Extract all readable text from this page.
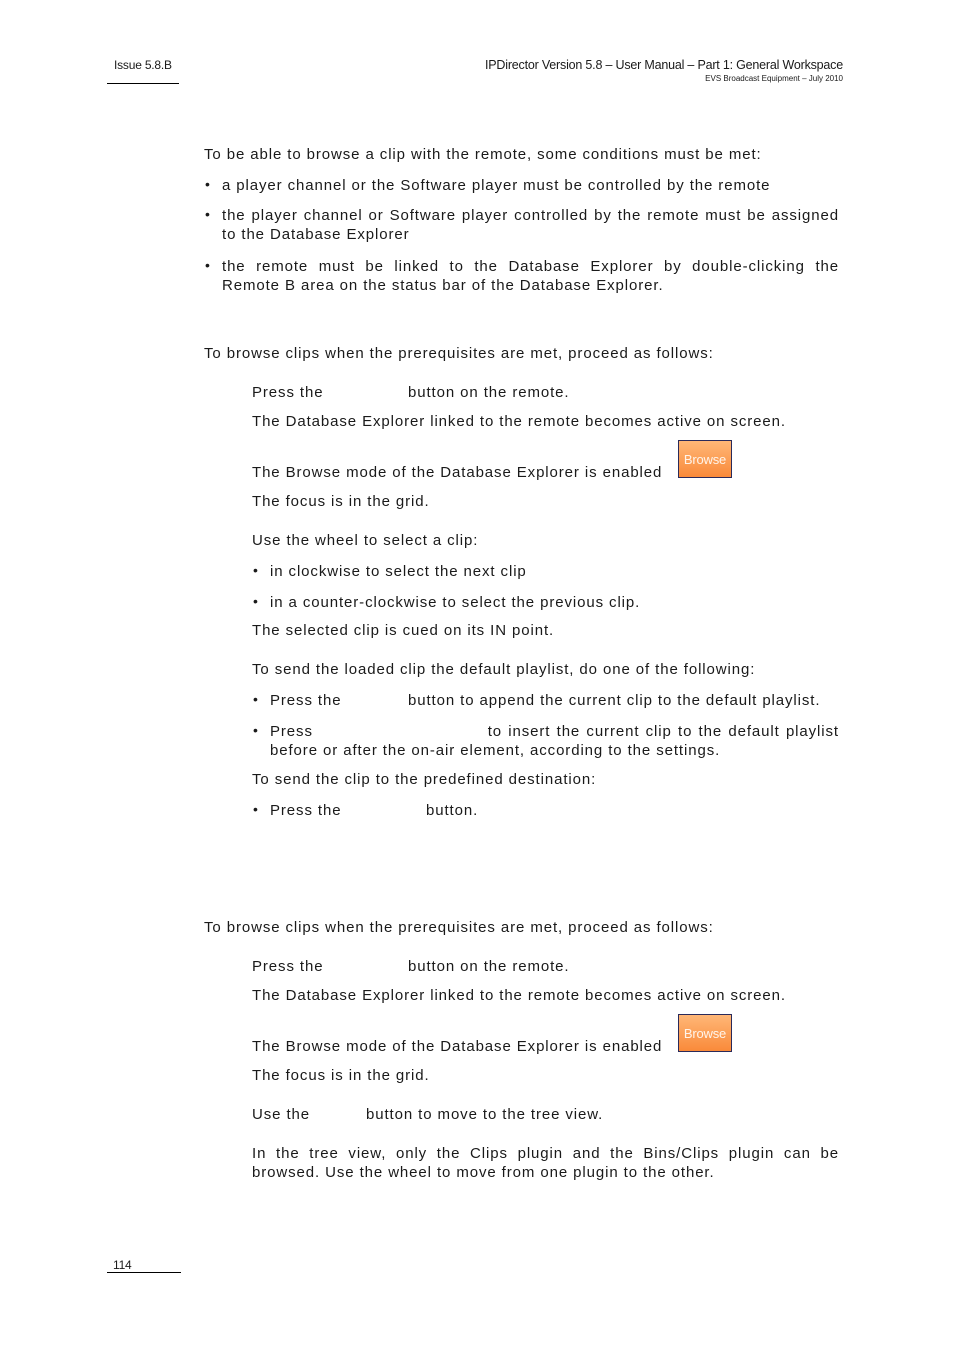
Issue 5.8.B	IPDirector Version 5.8 – User Manual – Part 1: General Workspace
EVS Broadcast Equipment – July 2010
To be able to browse a clip with the remote, some conditions must be met:
• a player channel or the Software player must be controlled by the remote
• the player channel or Software player controlled by the remote must be assigned to the Database Explorer
• the remote must be linked to the Database Explorer by double-clicking the Remote B area on the status bar of the Database Explorer.
To browse clips when the prerequisites are met, proceed as follows:
Press the	button on the remote.
The Database Explorer linked to the remote becomes active on screen.
The Browse mode of the Database Explorer is enabled
Browse
The focus is in the grid.
Use the wheel to select a clip:
• in clockwise to select the next clip
• in a counter-clockwise to select the previous clip.
The selected clip is cued on its IN point.
To send the loaded clip the default playlist, do one of the following:
• Press the	button to append the current clip to the default playlist.
• Press                            to insert the current clip to the default playlist before or after the on-air element, according to the settings.
To send the clip to the predefined destination:
• Press the	button.
To browse clips when the prerequisites are met, proceed as follows:
Press the	button on the remote.
The Database Explorer linked to the remote becomes active on screen.
The Browse mode of the Database Explorer is enabled
Browse
The focus is in the grid.
Use the	button to move to the tree view.
In the tree view, only the Clips plugin and the Bins/Clips plugin can be browsed. Use the wheel to move from one plugin to the other.
114
